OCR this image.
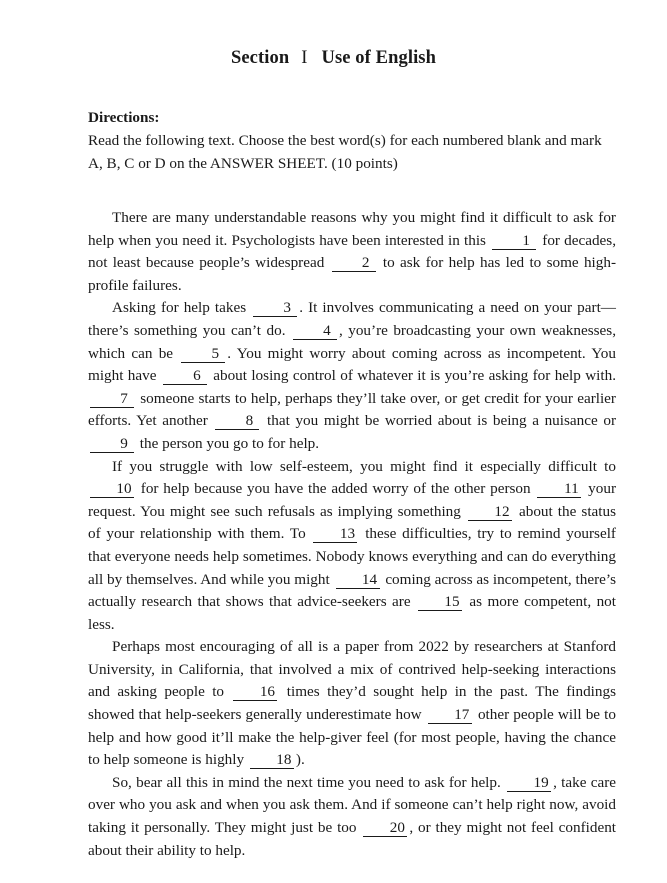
Section I Use of English
Directions:
Read the following text. Choose the best word(s) for each numbered blank and mark A, B, C or D on the ANSWER SHEET. (10 points)

There are many understandable reasons why you might find it difficult to ask for help when you need it. Psychologists have been interested in this 1 for decades, not least because people’s widespread 2 to ask for help has led to some high-profile failures.

Asking for help takes 3 . It involves communicating a need on your part—there’s something you can’t do. 4 , you’re broadcasting your own weaknesses, which can be 5 . You might worry about coming across as incompetent. You might have 6 about losing control of whatever it is you’re asking for help with. 7 someone starts to help, perhaps they’ll take over, or get credit for your earlier efforts. Yet another 8 that you might be worried about is being a nuisance or 9 the person you go to for help.

If you struggle with low self-esteem, you might find it especially difficult to 10 for help because you have the added worry of the other person 11 your request. You might see such refusals as implying something 12 about the status of your relationship with them. To 13 these difficulties, try to remind yourself that everyone needs help sometimes. Nobody knows everything and can do everything all by themselves. And while you might 14 coming across as incompetent, there’s actually research that shows that advice-seekers are 15 as more competent, not less.

Perhaps most encouraging of all is a paper from 2022 by researchers at Stanford University, in California, that involved a mix of contrived help-seeking interactions and asking people to 16 times they’d sought help in the past. The findings showed that help-seekers generally underestimate how 17 other people will be to help and how good it’ll make the help-giver feel (for most people, having the chance to help someone is highly 18 ).

So, bear all this in mind the next time you need to ask for help. 19 , take care over who you ask and when you ask them. And if someone can’t help right now, avoid taking it personally. They might just be too 20 , or they might not feel confident about their ability to help.
